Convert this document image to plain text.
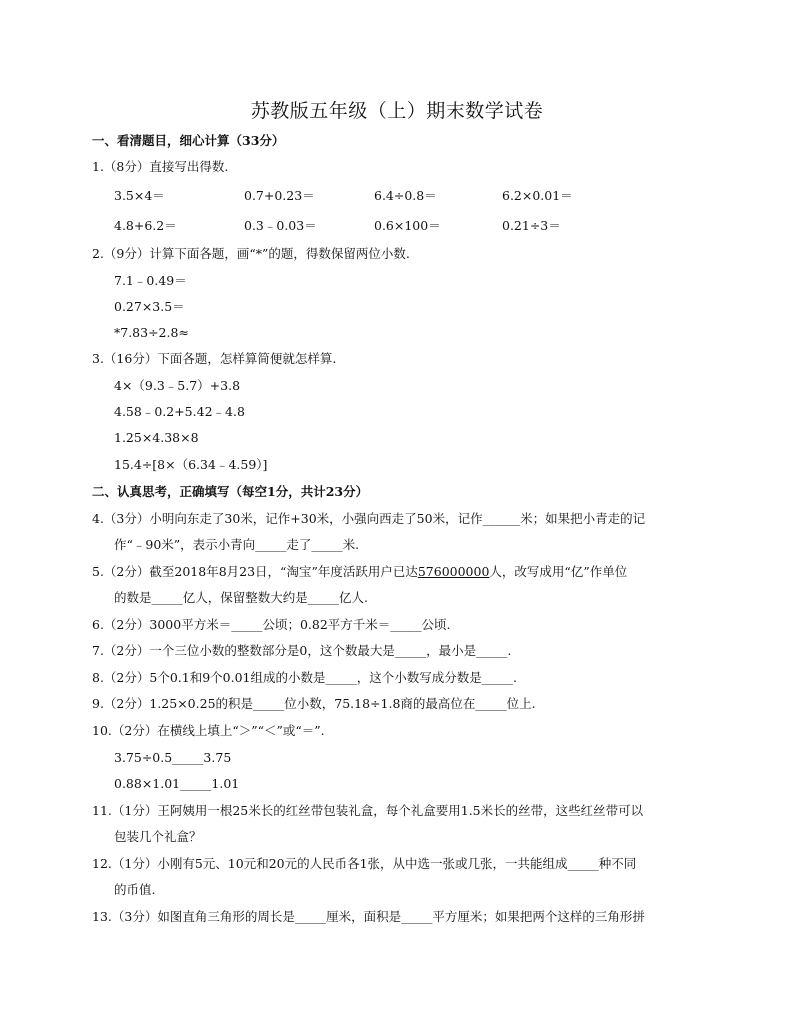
苏教版五年级（上）期末数学试卷
一、看清题目，细心计算（33分）
1.（8分）直接写出得数.
3.5×4＝	0.7+0.23＝	6.4÷0.8＝	6.2×0.01＝
4.8+6.2＝	0.3﹣0.03＝	0.6×100＝	0.21÷3＝
2.（9分）计算下面各题，画“*”的题，得数保留两位小数.
7.1﹣0.49＝
0.27×3.5＝
*7.83÷2.8≈
3.（16分）下面各题，怎样算简便就怎样算.
4×（9.3﹣5.7）+3.8
4.58﹣0.2+5.42﹣4.8
1.25×4.38×8
15.4÷[8×（6.34﹣4.59）]
二、认真思考，正确填写（每空1分，共计23分）
4.（3分）小明向东走了30米，记作+30米，小强向西走了50米，记作______米；如果把小青走的记
作“﹣90米”，表示小青向_____走了_____米.
5.（2分）截至2018年8月23日，“淘宝”年度活跃用户已达576000000人，改写成用“亿”作单位
的数是_____亿人，保留整数大约是_____亿人.
6.（2分）3000平方米＝_____公顷；0.82平方千米＝_____公顷.
7.（2分）一个三位小数的整数部分是0，这个数最大是_____，最小是_____.
8.（2分）5个0.1和9个0.01组成的小数是_____，这个小数写成分数是_____.
9.（2分）1.25×0.25的积是_____位小数，75.18÷1.8商的最高位在_____位上.
10.（2分）在横线上填上“＞”“＜”或“＝”.
3.75÷0.5_____3.75
0.88×1.01_____1.01
11.（1分）王阿姨用一根25米长的红丝带包装礼盒，每个礼盒要用1.5米长的丝带，这些红丝带可以
包装几个礼盒？
12.（1分）小刚有5元、10元和20元的人民币各1张，从中选一张或几张，一共能组成_____种不同
的币值.
13.（3分）如图直角三角形的周长是_____厘米，面积是_____平方厘米；如果把两个这样的三角形拼
